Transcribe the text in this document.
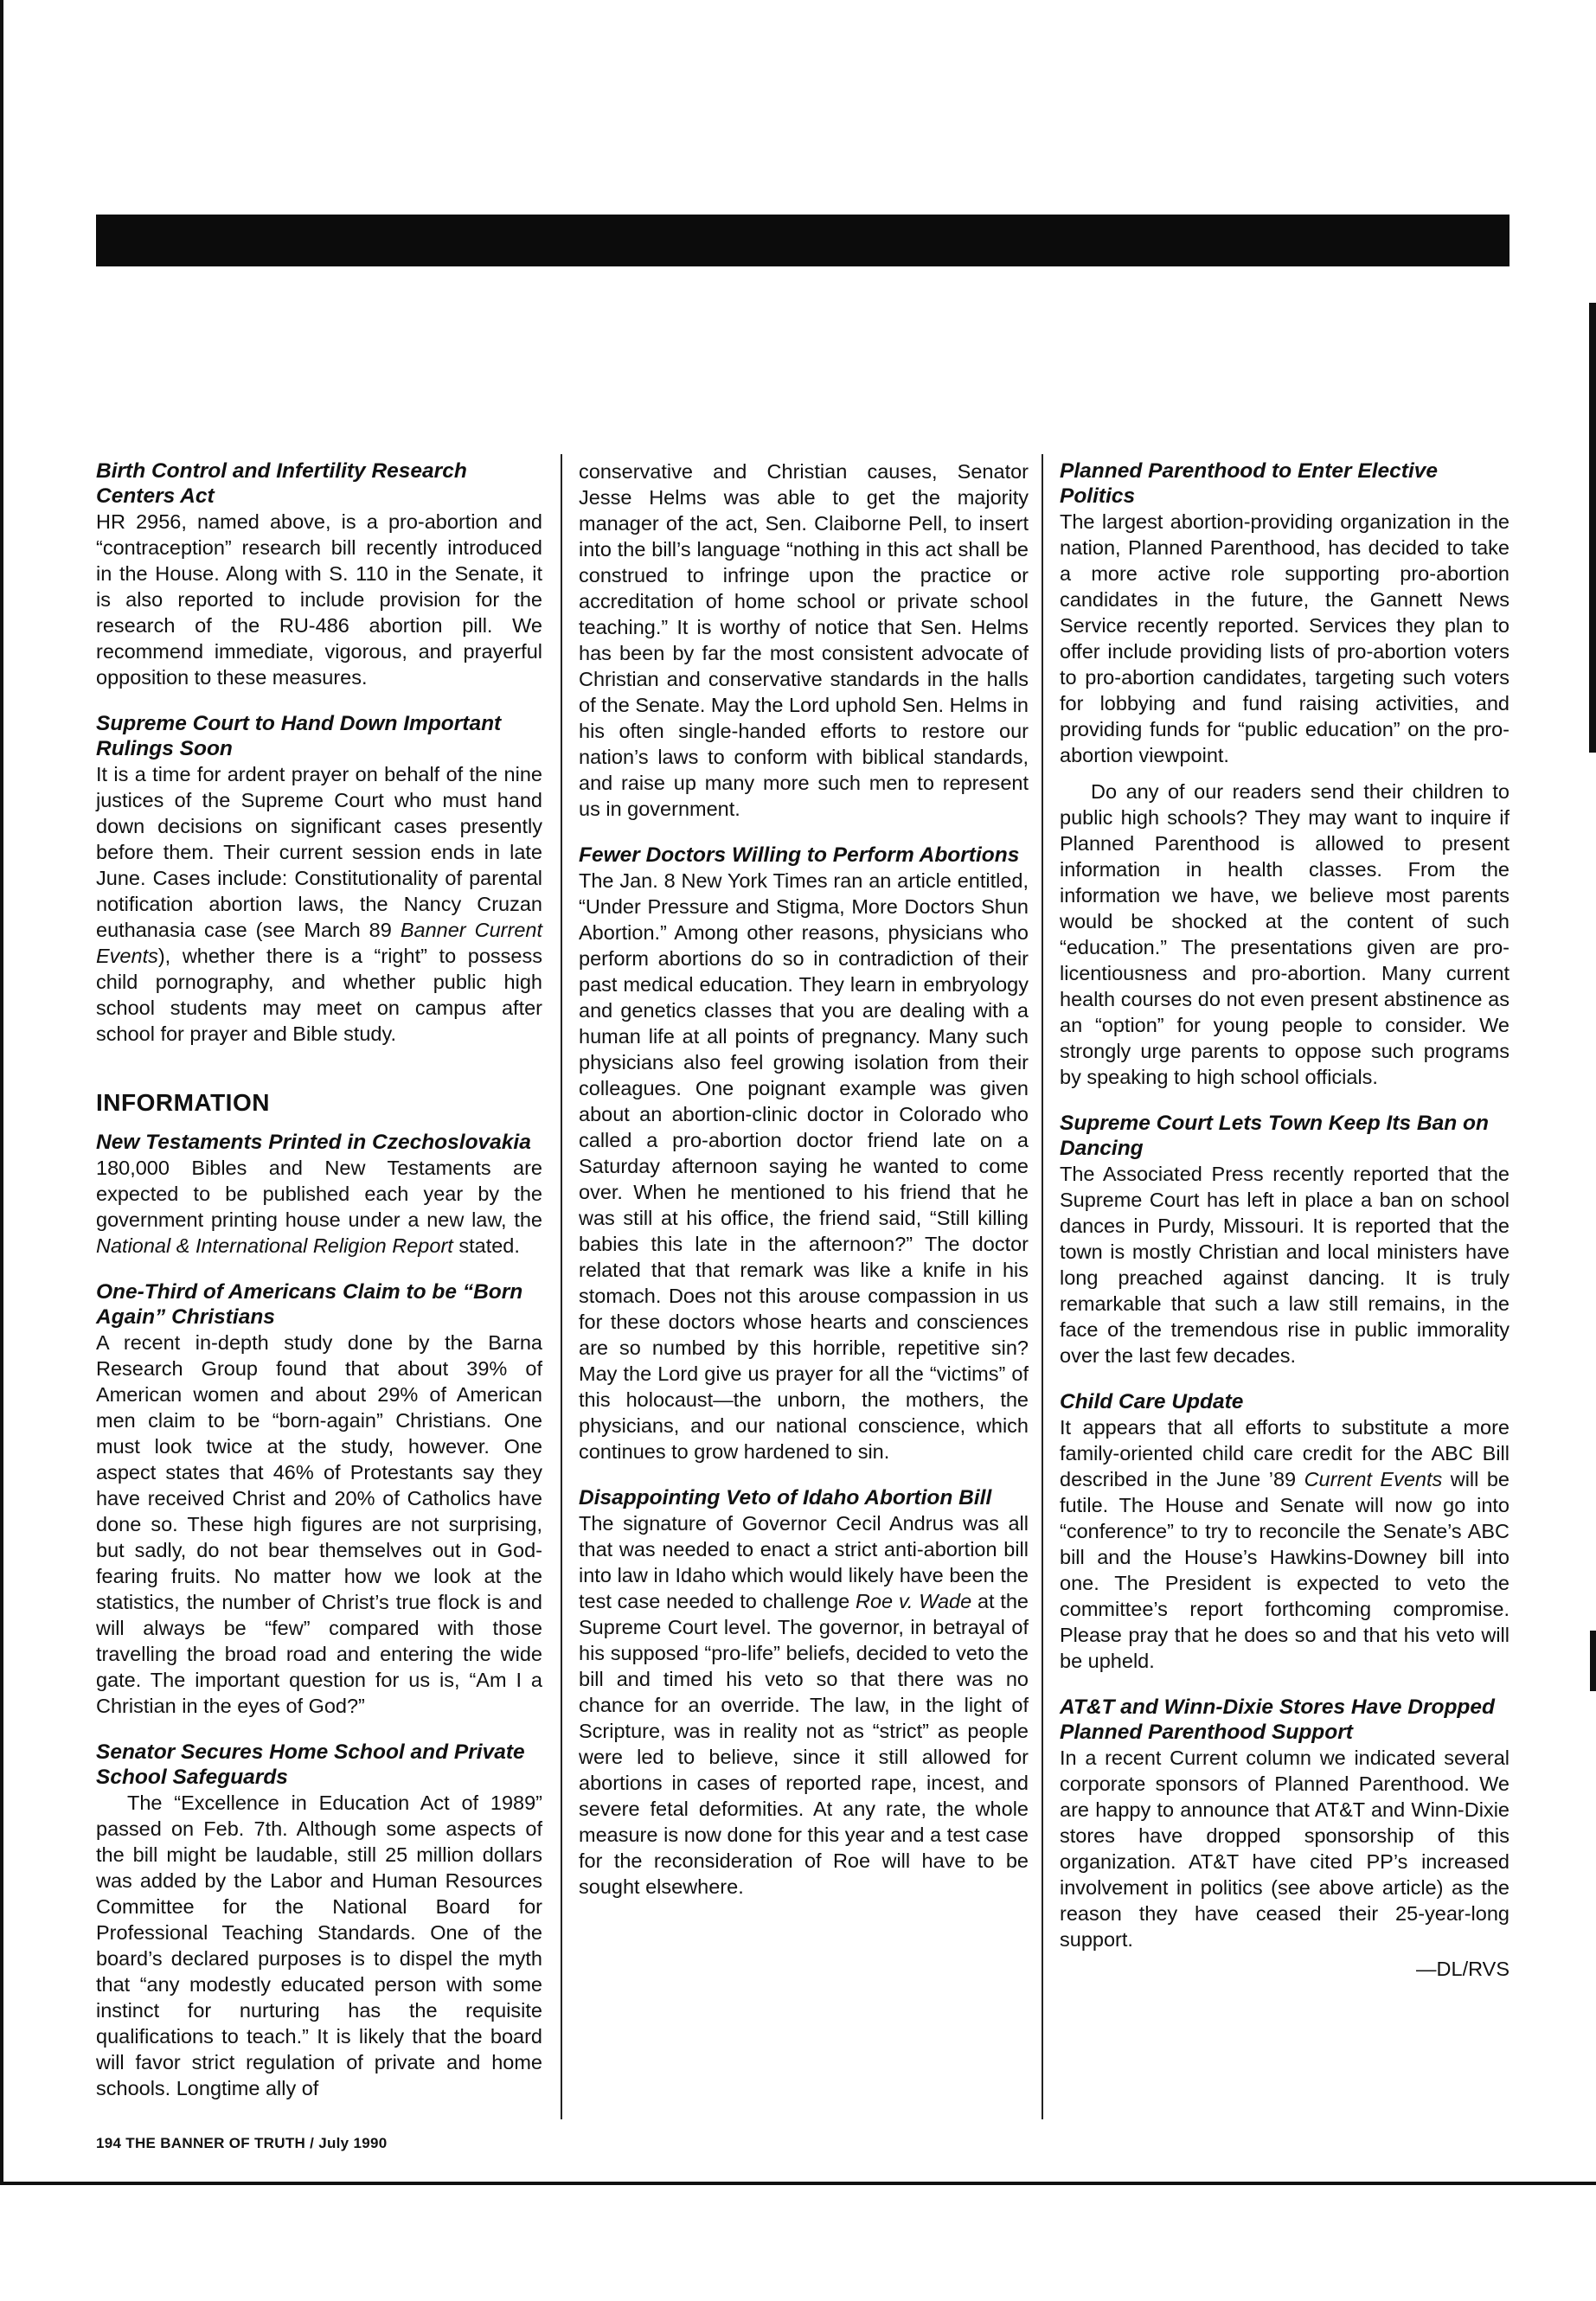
Birth Control and Infertility Research Centers Act

HR 2956, named above, is a pro-abortion and “contraception” research bill recently introduced in the House. Along with S. 110 in the Senate, it is also reported to include provision for the research of the RU-486 abortion pill. We recommend immediate, vigorous, and prayerful opposition to these measures.

Supreme Court to Hand Down Important Rulings Soon

It is a time for ardent prayer on behalf of the nine justices of the Supreme Court who must hand down decisions on significant cases presently before them. Their current session ends in late June. Cases include: Constitutionality of parental notification abortion laws, the Nancy Cruzan euthanasia case (see March 89 Banner Current Events), whether there is a “right” to possess child pornography, and whether public high school students may meet on campus after school for prayer and Bible study.

INFORMATION

New Testaments Printed in Czechoslovakia

180,000 Bibles and New Testaments are expected to be published each year by the government printing house under a new law, the National & International Religion Report stated.

One-Third of Americans Claim to be “Born Again” Christians

A recent in-depth study done by the Barna Research Group found that about 39% of American women and about 29% of American men claim to be “born-again” Christians. One must look twice at the study, however. One aspect states that 46% of Protestants say they have received Christ and 20% of Catholics have done so. These high figures are not surprising, but sadly, do not bear themselves out in God-fearing fruits. No matter how we look at the statistics, the number of Christ’s true flock is and will always be “few” compared with those travelling the broad road and entering the wide gate. The important question for us is, “Am I a Christian in the eyes of God?”

Senator Secures Home School and Private School Safeguards

The “Excellence in Education Act of 1989” passed on Feb. 7th. Although some aspects of the bill might be laudable, still 25 million dollars was added by the Labor and Human Resources Committee for the National Board for Professional Teaching Standards. One of the board’s declared purposes is to dispel the myth that “any modestly educated person with some instinct for nurturing has the requisite qualifications to teach.” It is likely that the board will favor strict regulation of private and home schools. Longtime ally of

conservative and Christian causes, Senator Jesse Helms was able to get the majority manager of the act, Sen. Claiborne Pell, to insert into the bill’s language “nothing in this act shall be construed to infringe upon the practice or accreditation of home school or private school teaching.” It is worthy of notice that Sen. Helms has been by far the most consistent advocate of Christian and conservative standards in the halls of the Senate. May the Lord uphold Sen. Helms in his often single-handed efforts to restore our nation’s laws to conform with biblical standards, and raise up many more such men to represent us in government.

Fewer Doctors Willing to Perform Abortions

The Jan. 8 New York Times ran an article entitled, “Under Pressure and Stigma, More Doctors Shun Abortion.” Among other reasons, physicians who perform abortions do so in contradiction of their past medical education. They learn in embryology and genetics classes that you are dealing with a human life at all points of pregnancy. Many such physicians also feel growing isolation from their colleagues. One poignant example was given about an abortion-clinic doctor in Colorado who called a pro-abortion doctor friend late on a Saturday afternoon saying he wanted to come over. When he mentioned to his friend that he was still at his office, the friend said, “Still killing babies this late in the afternoon?” The doctor related that that remark was like a knife in his stomach. Does not this arouse compassion in us for these doctors whose hearts and consciences are so numbed by this horrible, repetitive sin? May the Lord give us prayer for all the “victims” of this holocaust—the unborn, the mothers, the physicians, and our national conscience, which continues to grow hardened to sin.

Disappointing Veto of Idaho Abortion Bill

The signature of Governor Cecil Andrus was all that was needed to enact a strict anti-abortion bill into law in Idaho which would likely have been the test case needed to challenge Roe v. Wade at the Supreme Court level. The governor, in betrayal of his supposed “pro-life” beliefs, decided to veto the bill and timed his veto so that there was no chance for an override. The law, in the light of Scripture, was in reality not as “strict” as people were led to believe, since it still allowed for abortions in cases of reported rape, incest, and severe fetal deformities. At any rate, the whole measure is now done for this year and a test case for the reconsideration of Roe will have to be sought elsewhere.

Planned Parenthood to Enter Elective Politics

The largest abortion-providing organization in the nation, Planned Parenthood, has decided to take a more active role supporting pro-abortion candidates in the future, the Gannett News Service recently reported. Services they plan to offer include providing lists of pro-abortion voters to pro-abortion candidates, targeting such voters for lobbying and fund raising activities, and providing funds for “public education” on the pro-abortion viewpoint.

Do any of our readers send their children to public high schools? They may want to inquire if Planned Parenthood is allowed to present information in health classes. From the information we have, we believe most parents would be shocked at the content of such “education.” The presentations given are pro-licentiousness and pro-abortion. Many current health courses do not even present abstinence as an “option” for young people to consider. We strongly urge parents to oppose such programs by speaking to high school officials.

Supreme Court Lets Town Keep Its Ban on Dancing

The Associated Press recently reported that the Supreme Court has left in place a ban on school dances in Purdy, Missouri. It is reported that the town is mostly Christian and local ministers have long preached against dancing. It is truly remarkable that such a law still remains, in the face of the tremendous rise in public immorality over the last few decades.

Child Care Update

It appears that all efforts to substitute a more family-oriented child care credit for the ABC Bill described in the June ’89 Current Events will be futile. The House and Senate will now go into “conference” to try to reconcile the Senate’s ABC bill and the House’s Hawkins-Downey bill into one. The President is expected to veto the committee’s report forthcoming compromise. Please pray that he does so and that his veto will be upheld.

AT&T and Winn-Dixie Stores Have Dropped Planned Parenthood Support

In a recent Current column we indicated several corporate sponsors of Planned Parenthood. We are happy to announce that AT&T and Winn-Dixie stores have dropped sponsorship of this organization. AT&T have cited PP’s increased involvement in politics (see above article) as the reason they have ceased their 25-year-long support.

—DL/RVS

194 THE BANNER OF TRUTH / July 1990
